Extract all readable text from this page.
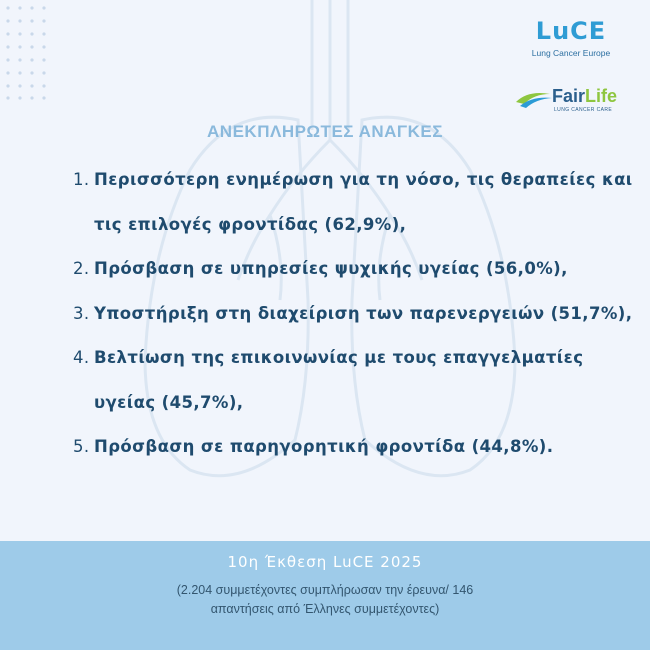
LuCE
Lung Cancer Europe
FairLife
LUNG CANCER CARE
ΑΝΕΚΠΛΗΡΩΤΕΣ ΑΝΑΓΚΕΣ
1. Περισσότερη ενημέρωση για τη νόσο, τις θεραπείες και τις επιλογές φροντίδας (62,9%),
2. Πρόσβαση σε υπηρεσίες ψυχικής υγείας (56,0%),
3. Υποστήριξη στη διαχείριση των παρενεργειών (51,7%),
4. Βελτίωση της επικοινωνίας με τους επαγγελματίες υγείας (45,7%),
5. Πρόσβαση σε παρηγορητική φροντίδα (44,8%).
10η Έκθεση LuCE 2025
(2.204 συμμετέχοντες συμπλήρωσαν την έρευνα/ 146 απαντήσεις από Έλληνες συμμετέχοντες)
